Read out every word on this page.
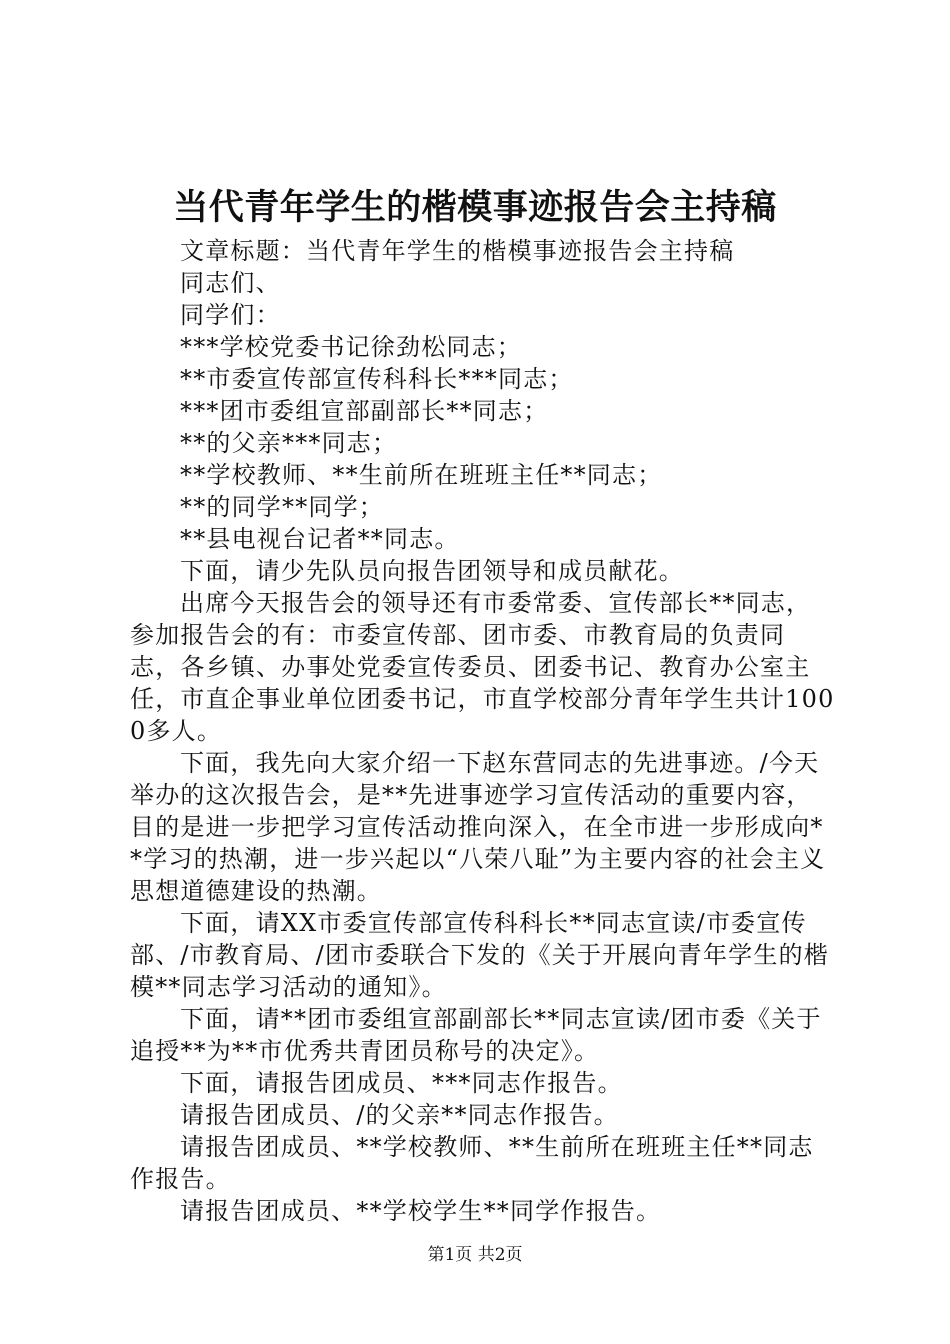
当代青年学生的楷模事迹报告会主持稿

文章标题：当代青年学生的楷模事迹报告会主持稿

同志们、

同学们：

***学校党委书记徐劲松同志；

**市委宣传部宣传科科长***同志；

***团市委组宣部副部长**同志；

**的父亲***同志；

**学校教师、**生前所在班班主任**同志；

**的同学**同学；

**县电视台记者**同志。

下面，请少先队员向报告团领导和成员献花。

出席今天报告会的领导还有市委常委、宣传部长**同志，参加报告会的有：市委宣传部、团市委、市教育局的负责同志，各乡镇、办事处党委宣传委员、团委书记、教育办公室主任，市直企事业单位团委书记，市直学校部分青年学生共计1000多人。

下面，我先向大家介绍一下赵东营同志的先进事迹。/今天举办的这次报告会，是**先进事迹学习宣传活动的重要内容，目的是进一步把学习宣传活动推向深入，在全市进一步形成向**学习的热潮，进一步兴起以“八荣八耻”为主要内容的社会主义思想道德建设的热潮。

下面，请XX市委宣传部宣传科科长**同志宣读/市委宣传部、/市教育局、/团市委联合下发的《关于开展向青年学生的楷模**同志学习活动的通知》。

下面，请**团市委组宣部副部长**同志宣读/团市委《关于追授**为**市优秀共青团员称号的决定》。

下面，请报告团成员、***同志作报告。

请报告团成员、/的父亲**同志作报告。

请报告团成员、**学校教师、**生前所在班班主任**同志作报告。

请报告团成员、**学校学生**同学作报告。

第1页 共2页
